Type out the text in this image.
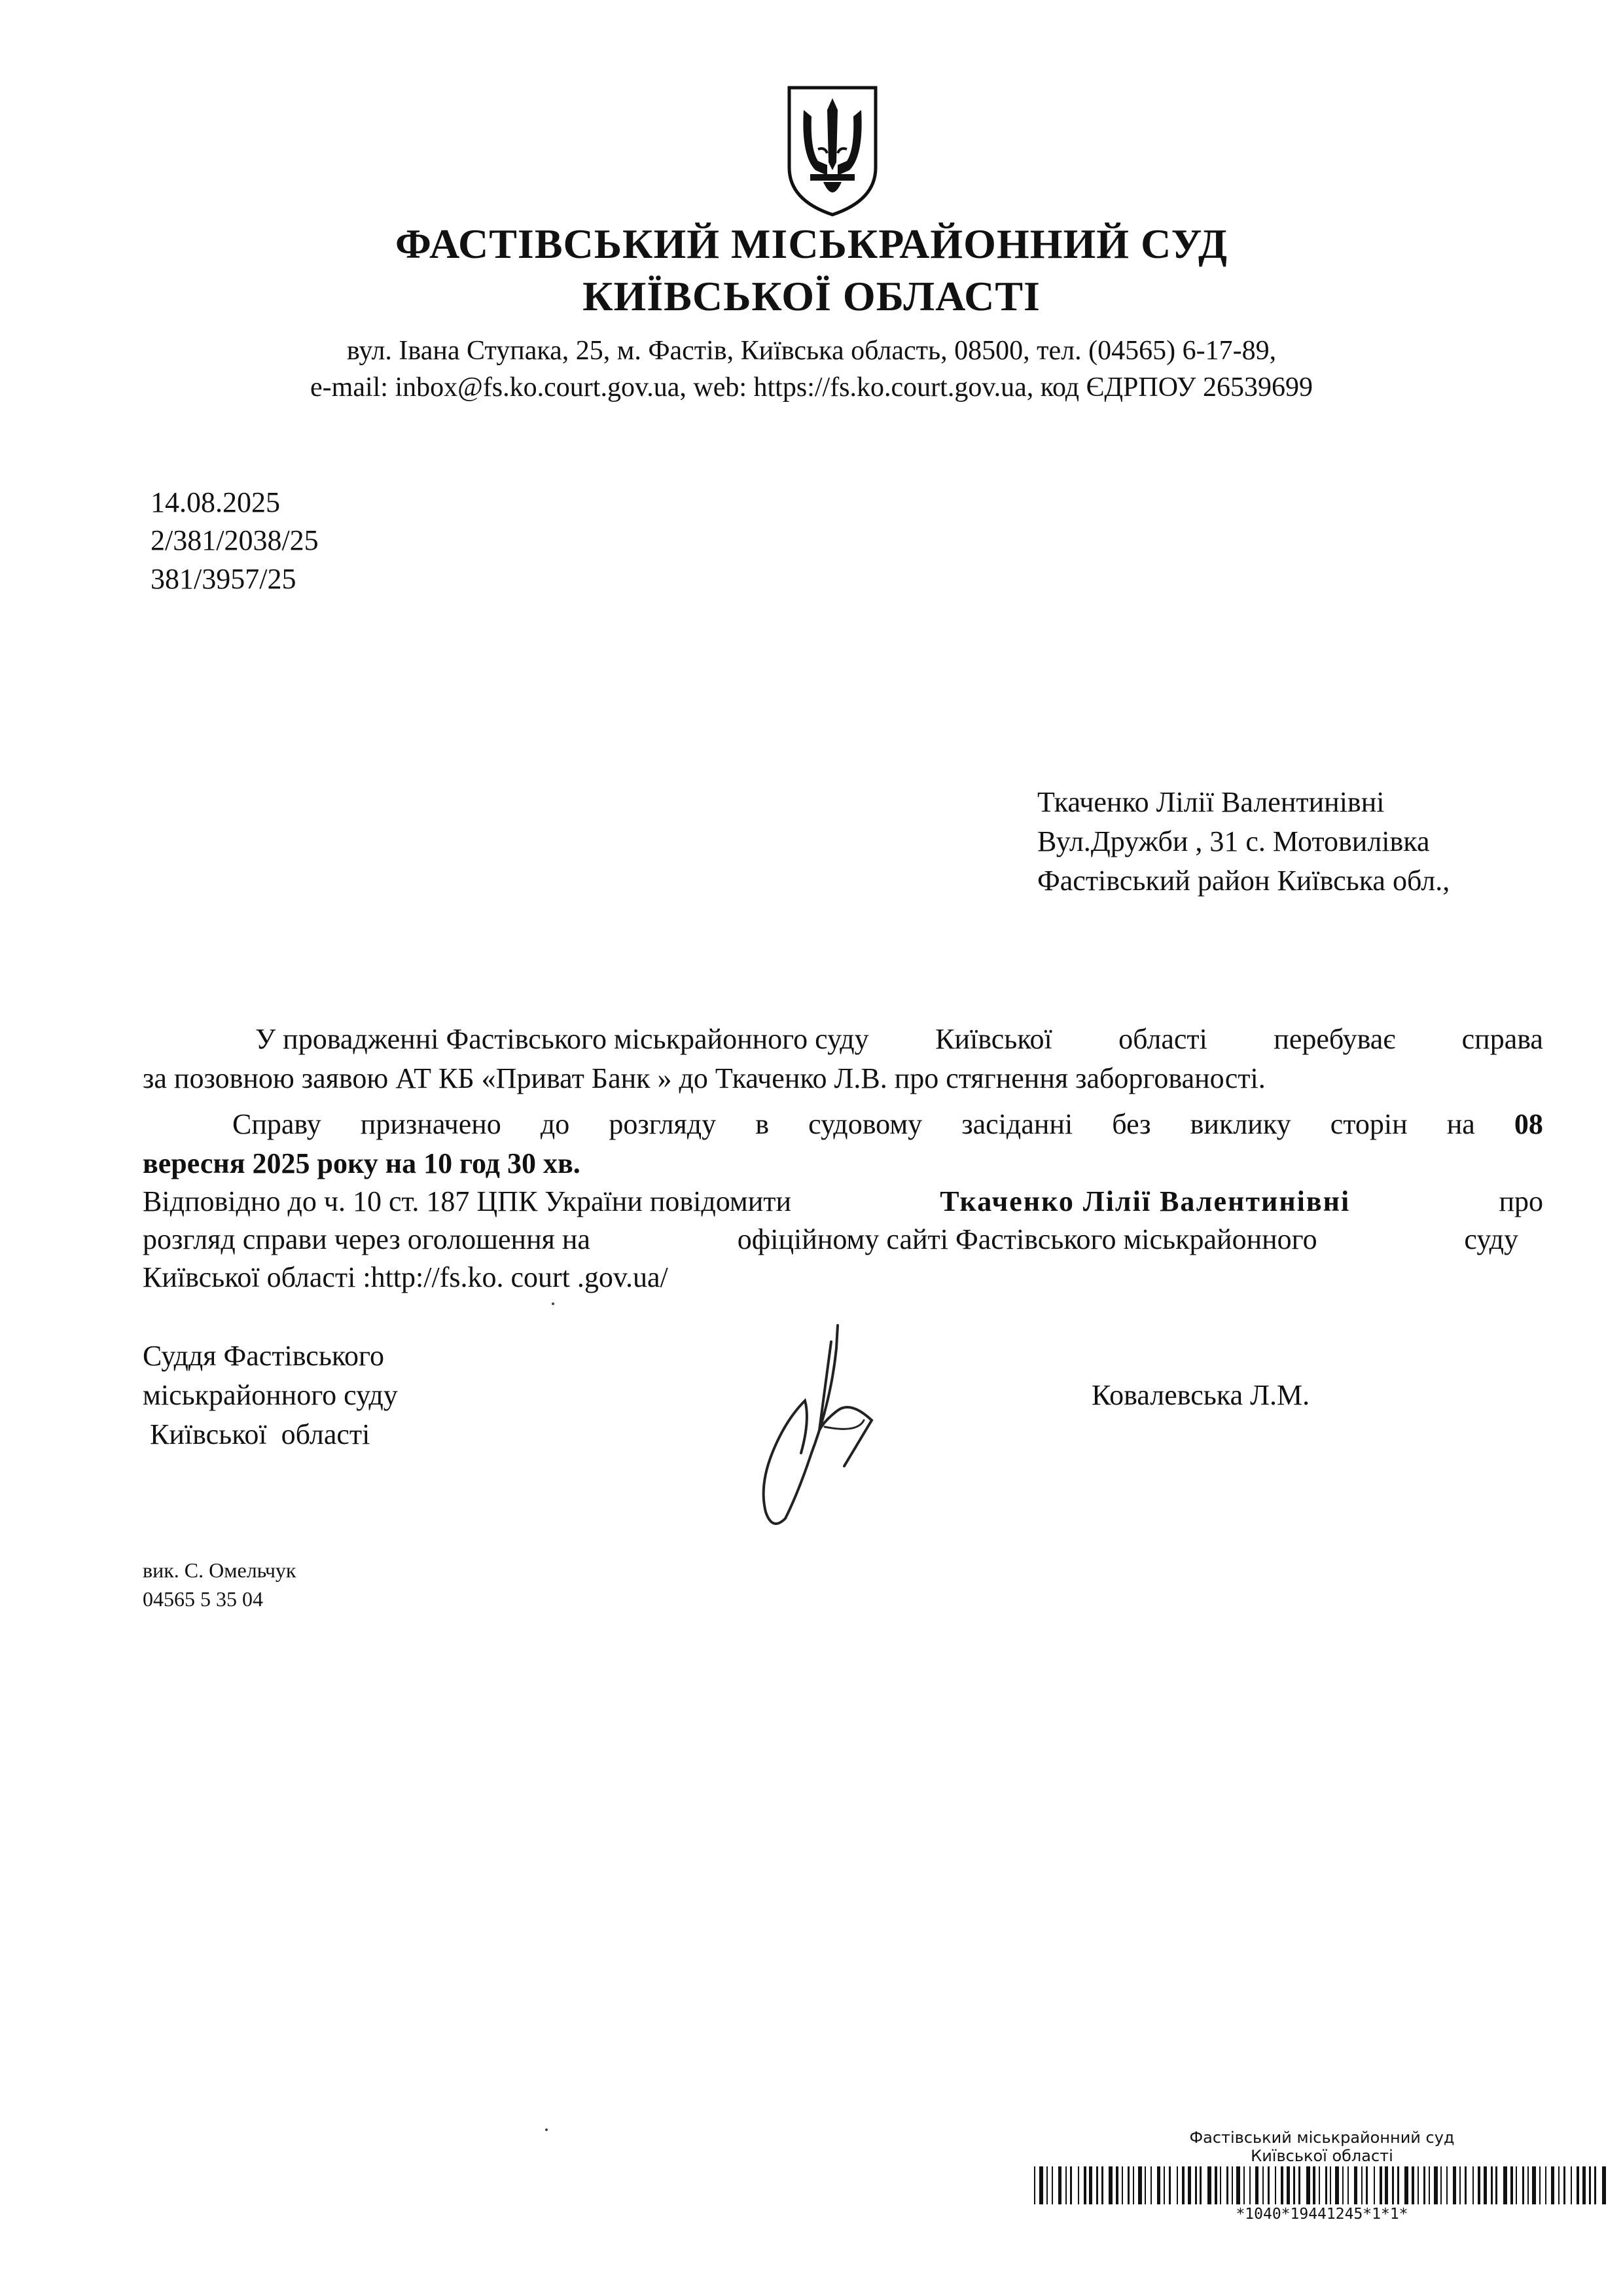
ФАСТІВСЬКИЙ МІСЬКРАЙОННИЙ СУД
КИЇВСЬКОЇ ОБЛАСТІ
вул. Івана Ступака, 25, м. Фастів, Київська область, 08500, тел. (04565) 6-17-89,
e-mail: inbox@fs.ko.court.gov.ua, web: https://fs.ko.court.gov.ua, код ЄДРПОУ 26539699
14.08.2025
2/381/2038/25
381/3957/25
Ткаченко Лілії Валентинівні
Вул.Дружби , 31 с. Мотовилівка
Фастівський район Київська обл.,
У провадженні Фастівського міськрайонного суду Київської області перебуває справа
за позовною заявою АТ КБ «Приват Банк » до Ткаченко Л.В. про стягнення заборгованості.
Справу призначено до розгляду в судовому засіданні без виклику сторін на 08
вересня 2025 року на 10 год 30 хв.
Відповідно до ч. 10 ст. 187 ЦПК України повідомити	Ткаченко Лілії Валентинівні	про
розгляд справи через оголошення на	офіційному сайті Фастівського міськрайонного	суду
Київської області :http://fs.ko. court .gov.ua/
Суддя Фастівського
міськрайонного суду
Київської  області
Ковалевська Л.М.
вик. С. Омельчук
04565 5 35 04
Фастівський міськрайонний суд
Київської області
*1040*19441245*1*1*
